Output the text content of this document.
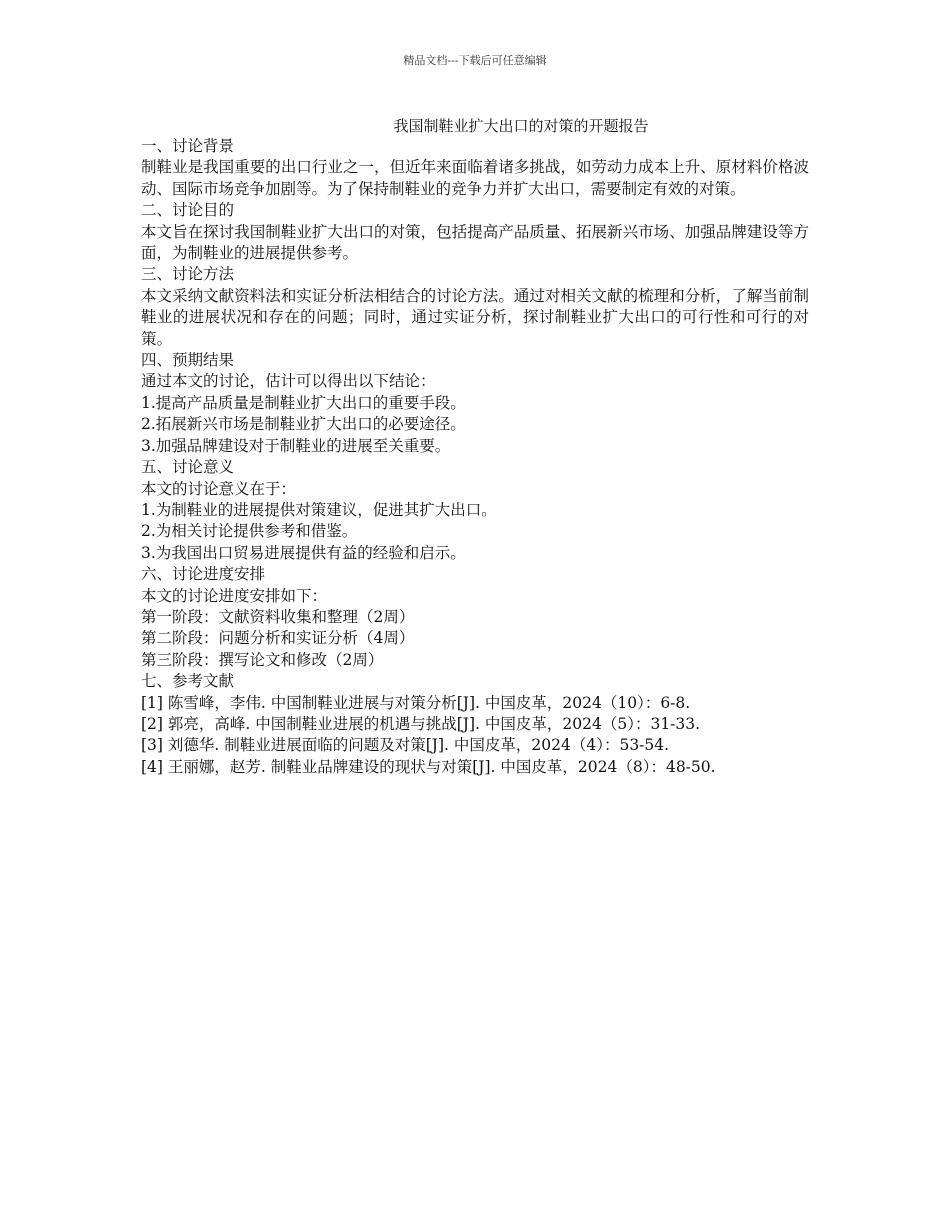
精品文档---下载后可任意编辑
我国制鞋业扩大出口的对策的开题报告
一、讨论背景
制鞋业是我国重要的出口行业之一，但近年来面临着诸多挑战，如劳动力成本上升、原材料价格波动、国际市场竞争加剧等。为了保持制鞋业的竞争力并扩大出口，需要制定有效的对策。
二、讨论目的
本文旨在探讨我国制鞋业扩大出口的对策，包括提高产品质量、拓展新兴市场、加强品牌建设等方面，为制鞋业的进展提供参考。
三、讨论方法
本文采纳文献资料法和实证分析法相结合的讨论方法。通过对相关文献的梳理和分析，了解当前制鞋业的进展状况和存在的问题；同时，通过实证分析，探讨制鞋业扩大出口的可行性和可行的对策。
四、预期结果
通过本文的讨论，估计可以得出以下结论：
1.提高产品质量是制鞋业扩大出口的重要手段。
2.拓展新兴市场是制鞋业扩大出口的必要途径。
3.加强品牌建设对于制鞋业的进展至关重要。
五、讨论意义
本文的讨论意义在于：
1.为制鞋业的进展提供对策建议，促进其扩大出口。
2.为相关讨论提供参考和借鉴。
3.为我国出口贸易进展提供有益的经验和启示。
六、讨论进度安排
本文的讨论进度安排如下：
第一阶段：文献资料收集和整理（2周）
第二阶段：问题分析和实证分析（4周）
第三阶段：撰写论文和修改（2周）
七、参考文献
[1] 陈雪峰，李伟. 中国制鞋业进展与对策分析[J]. 中国皮革，2024（10）：6-8.
[2] 郭亮，高峰. 中国制鞋业进展的机遇与挑战[J]. 中国皮革，2024（5）：31-33.
[3] 刘德华. 制鞋业进展面临的问题及对策[J]. 中国皮革，2024（4）：53-54.
[4] 王丽娜，赵芳. 制鞋业品牌建设的现状与对策[J]. 中国皮革，2024（8）：48-50.
